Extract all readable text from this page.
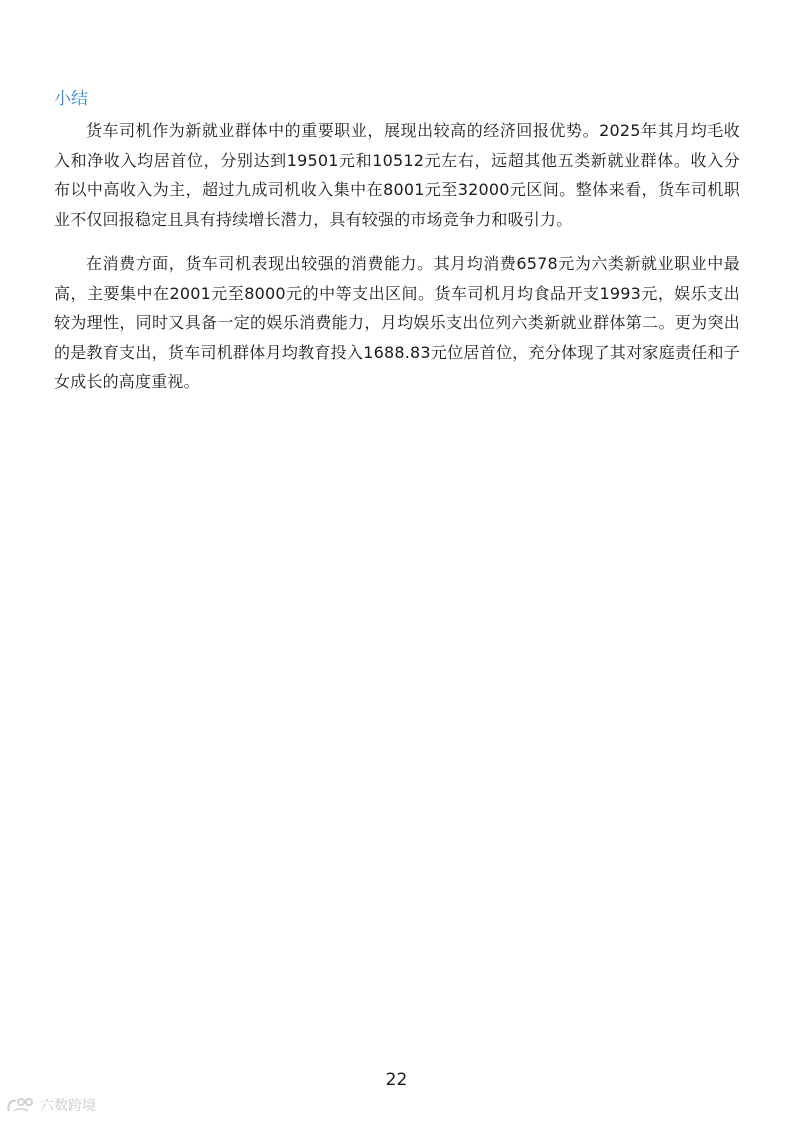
小结

货车司机作为新就业群体中的重要职业，展现出较高的经济回报优势。2025年其月均毛收入和净收入均居首位，分别达到19501元和10512元左右，远超其他五类新就业群体。收入分布以中高收入为主，超过九成司机收入集中在8001元至32000元区间。整体来看，货车司机职业不仅回报稳定且具有持续增长潜力，具有较强的市场竞争力和吸引力。

在消费方面，货车司机表现出较强的消费能力。其月均消费6578元为六类新就业职业中最高，主要集中在2001元至8000元的中等支出区间。货车司机月均食品开支1993元，娱乐支出较为理性，同时又具备一定的娱乐消费能力，月均娱乐支出位列六类新就业群体第二。更为突出的是教育支出，货车司机群体月均教育投入1688.83元位居首位，充分体现了其对家庭责任和子女成长的高度重视。

22
六数跨境
